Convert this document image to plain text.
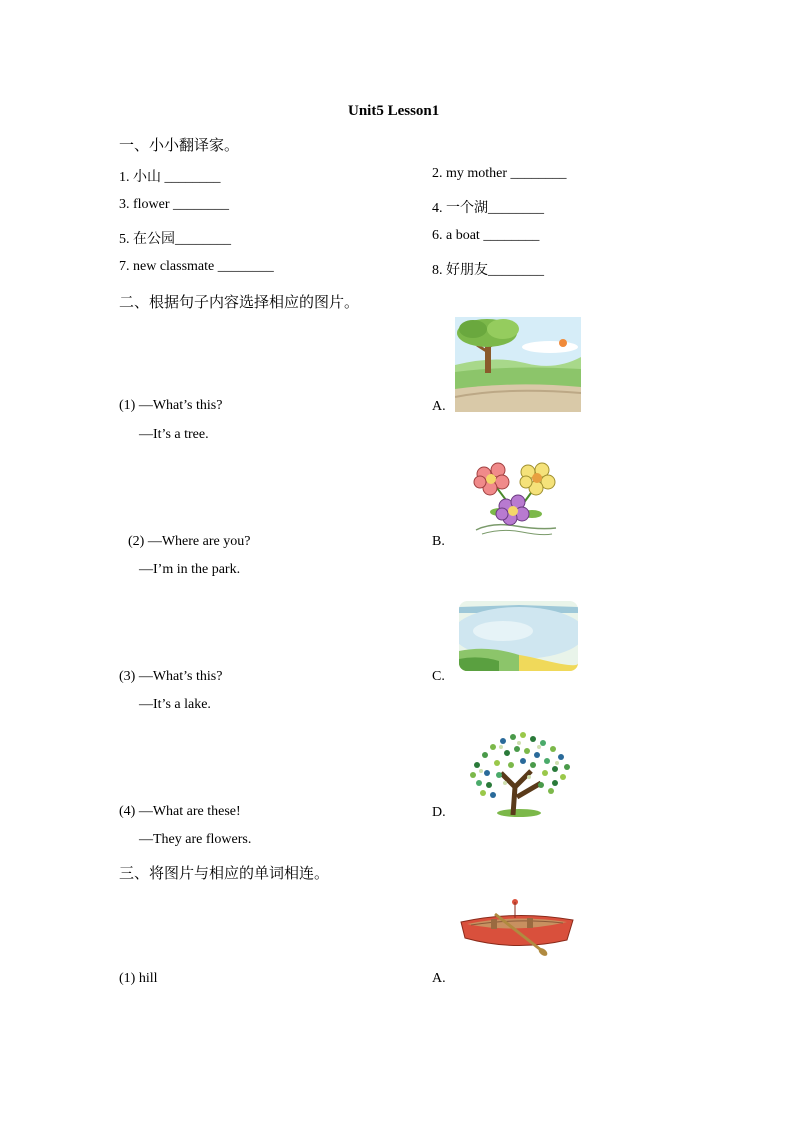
Unit5 Lesson1
一、小小翻译家。
1. 小山 ________	2. my mother ________
3. flower ________	4. 一个湖________
5. 在公园________	6. a boat ________
7. new classmate ________	8. 好朋友________
二、根据句子内容选择相应的图片。
(1) —What’s this?
—It’s a tree.
A.
(2) —Where are you?
—I’m in the park.
B.
(3) —What’s this?
—It’s a lake.
C.
(4) —What are these!
—They are flowers.
D.
三、将图片与相应的单词相连。
(1) hill	A.
